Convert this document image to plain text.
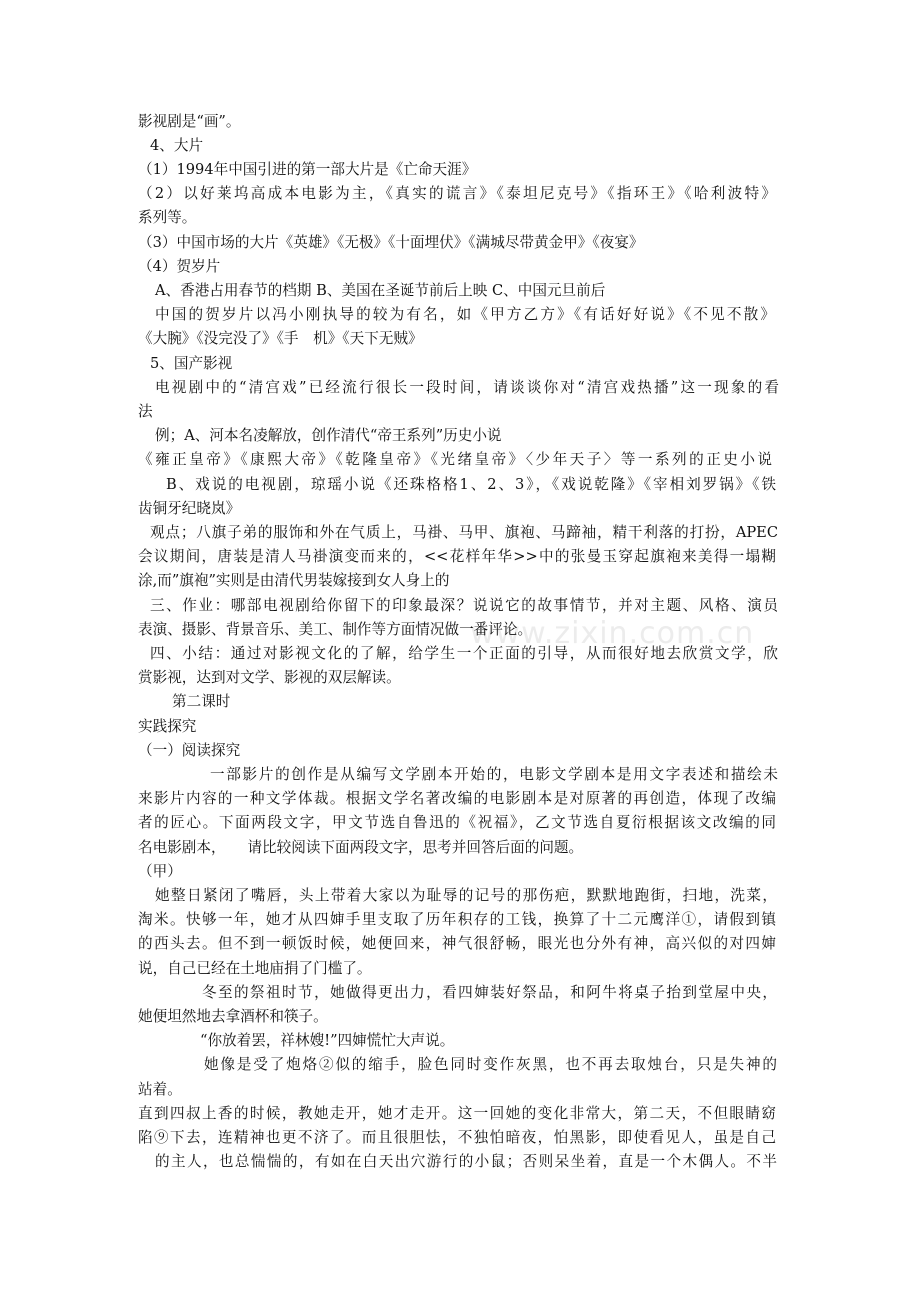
www.zixin.com.cn
影视剧是“画”。
4、大片
（1）1994年中国引进的第一部大片是《亡命天涯》
（2）以好莱坞高成本电影为主，《真实的谎言》《泰坦尼克号》《指环王》《哈利波特》
系列等。
（3）中国市场的大片《英雄》《无极》《十面埋伏》《满城尽带黄金甲》《夜宴》
（4）贺岁片
A、香港占用春节的档期 B、美国在圣诞节前后上映 C、中国元旦前后
中国的贺岁片以冯小刚执导的较为有名，如《甲方乙方》《有话好好说》《不见不散》
《大腕》《没完没了》《手　机》《天下无贼》
5、国产影视
电视剧中的“清宫戏”已经流行很长一段时间，请谈谈你对“清宫戏热播”这一现象的看
法
例；A、河本名凌解放，创作清代“帝王系列”历史小说
《雍正皇帝》《康熙大帝》《乾隆皇帝》《光绪皇帝》〈少年天子〉等一系列的正史小说
B、戏说的电视剧，琼瑶小说《还珠格格1、2、3》，《戏说乾隆》《宰相刘罗锅》《铁
齿铜牙纪晓岚》
观点；八旗子弟的服饰和外在气质上，马褂、马甲、旗袍、马蹄袖，精干利落的打扮，APEC
会议期间，唐装是清人马褂演变而来的，<<花样年华>>中的张曼玉穿起旗袍来美得一塌糊
涂,而”旗袍”实则是由清代男装嫁接到女人身上的
三、作业：哪部电视剧给你留下的印象最深？说说它的故事情节，并对主题、风格、演员
表演、摄影、背景音乐、美工、制作等方面情况做一番评论。
四、小结：通过对影视文化的了解，给学生一个正面的引导，从而很好地去欣赏文学，欣
赏影视，达到对文学、影视的双层解读。
第二课时
实践探究
（一）阅读探究
一部影片的创作是从编写文学剧本开始的，电影文学剧本是用文字表述和描绘未
来影片内容的一种文学体裁。根据文学名著改编的电影剧本是对原著的再创造，体现了改编
者的匠心。下面两段文字，甲文节选自鲁迅的《祝福》，乙文节选自夏衍根据该文改编的同
名电影剧本，　　请比较阅读下面两段文字，思考并回答后面的问题。
（甲）
她整日紧闭了嘴唇，头上带着大家以为耻辱的记号的那伤疤，默默地跑街，扫地，洗菜，
淘米。快够一年，她才从四婶手里支取了历年积存的工钱，换算了十二元鹰洋①，请假到镇
的西头去。但不到一顿饭时候，她便回来，神气很舒畅，眼光也分外有神，高兴似的对四婶
说，自己已经在土地庙捐了门槛了。
冬至的祭祖时节，她做得更出力，看四婶装好祭品，和阿牛将桌子抬到堂屋中央，
她便坦然地去拿酒杯和筷子。
“你放着罢，祥林嫂!”四婶慌忙大声说。
她像是受了炮烙②似的缩手，脸色同时变作灰黑，也不再去取烛台，只是失神的
站着。
直到四叔上香的时候，教她走开，她才走开。这一回她的变化非常大，第二天，不但眼睛窈
陷⑨下去，连精神也更不济了。而且很胆怯，不独怕暗夜，怕黑影，即使看见人，虽是自己
的主人，也总惴惴的，有如在白天出穴游行的小鼠；否则呆坐着，直是一个木偶人。不半
